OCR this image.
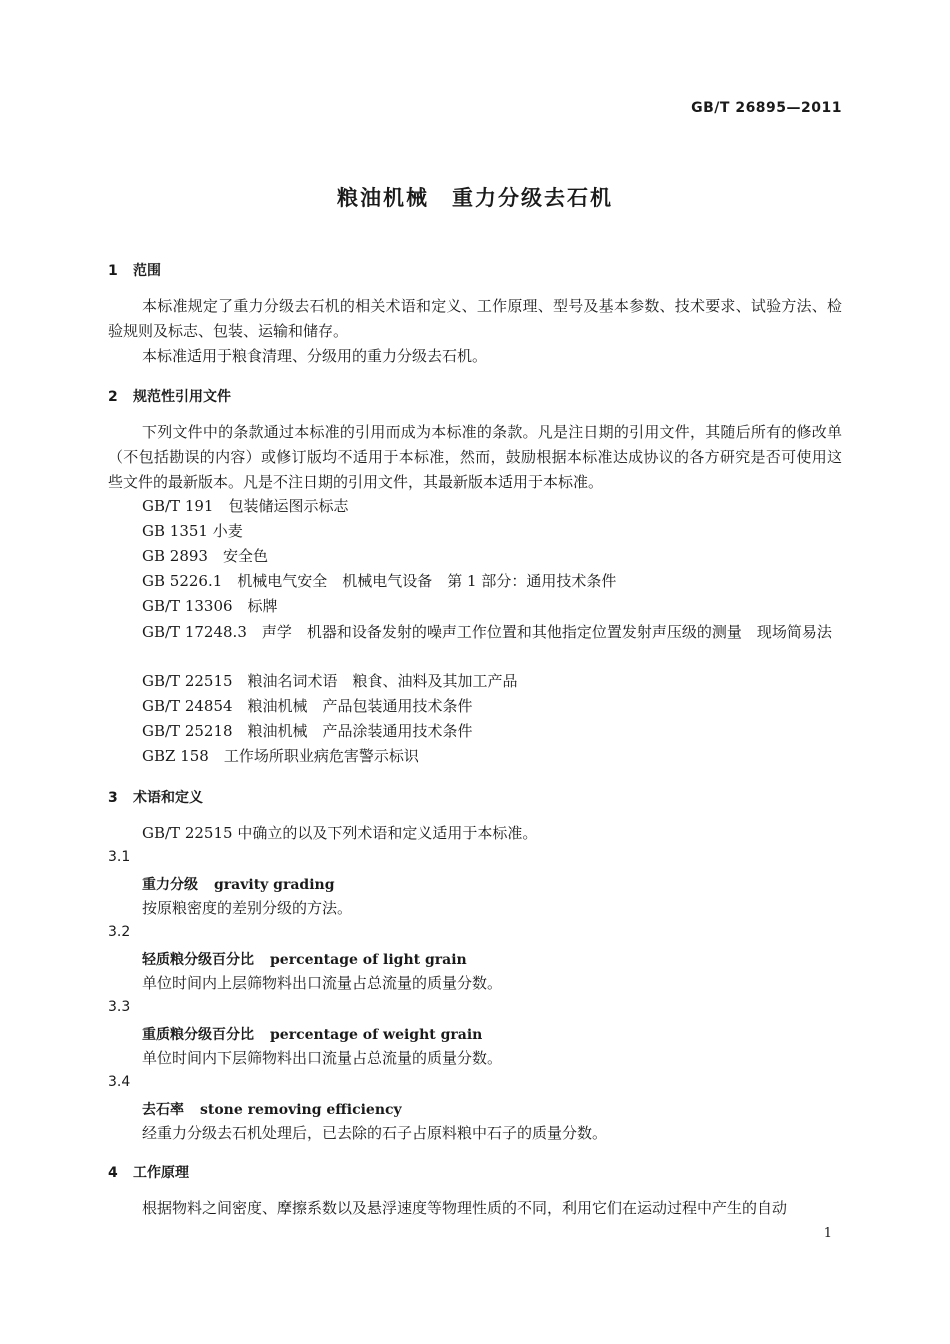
GB/T 26895—2011
粮油机械　重力分级去石机
1 范围
本标准规定了重力分级去石机的相关术语和定义、工作原理、型号及基本参数、技术要求、试验方法、检验规则及标志、包装、运输和储存。
本标准适用于粮食清理、分级用的重力分级去石机。
2 规范性引用文件
下列文件中的条款通过本标准的引用而成为本标准的条款。凡是注日期的引用文件，其随后所有的修改单（不包括勘误的内容）或修订版均不适用于本标准，然而，鼓励根据本标准达成协议的各方研究是否可使用这些文件的最新版本。凡是不注日期的引用文件，其最新版本适用于本标准。
GB/T 191　包装储运图示标志
GB 1351 小麦
GB 2893　安全色
GB 5226.1　机械电气安全　机械电气设备　第 1 部分：通用技术条件
GB/T 13306　标牌
GB/T 17248.3　声学　机器和设备发射的噪声工作位置和其他指定位置发射声压级的测量　现场简易法
GB/T 22515　粮油名词术语　粮食、油料及其加工产品
GB/T 24854　粮油机械　产品包装通用技术条件
GB/T 25218　粮油机械　产品涂装通用技术条件
GBZ 158　工作场所职业病危害警示标识
3 术语和定义
GB/T 22515 中确立的以及下列术语和定义适用于本标准。
3.1
重力分级 gravity grading
按原粮密度的差别分级的方法。
3.2
轻质粮分级百分比 percentage of light grain
单位时间内上层筛物料出口流量占总流量的质量分数。
3.3
重质粮分级百分比 percentage of weight grain
单位时间内下层筛物料出口流量占总流量的质量分数。
3.4
去石率 stone removing efficiency
经重力分级去石机处理后，已去除的石子占原料粮中石子的质量分数。
4 工作原理
根据物料之间密度、摩擦系数以及悬浮速度等物理性质的不同，利用它们在运动过程中产生的自动
1
